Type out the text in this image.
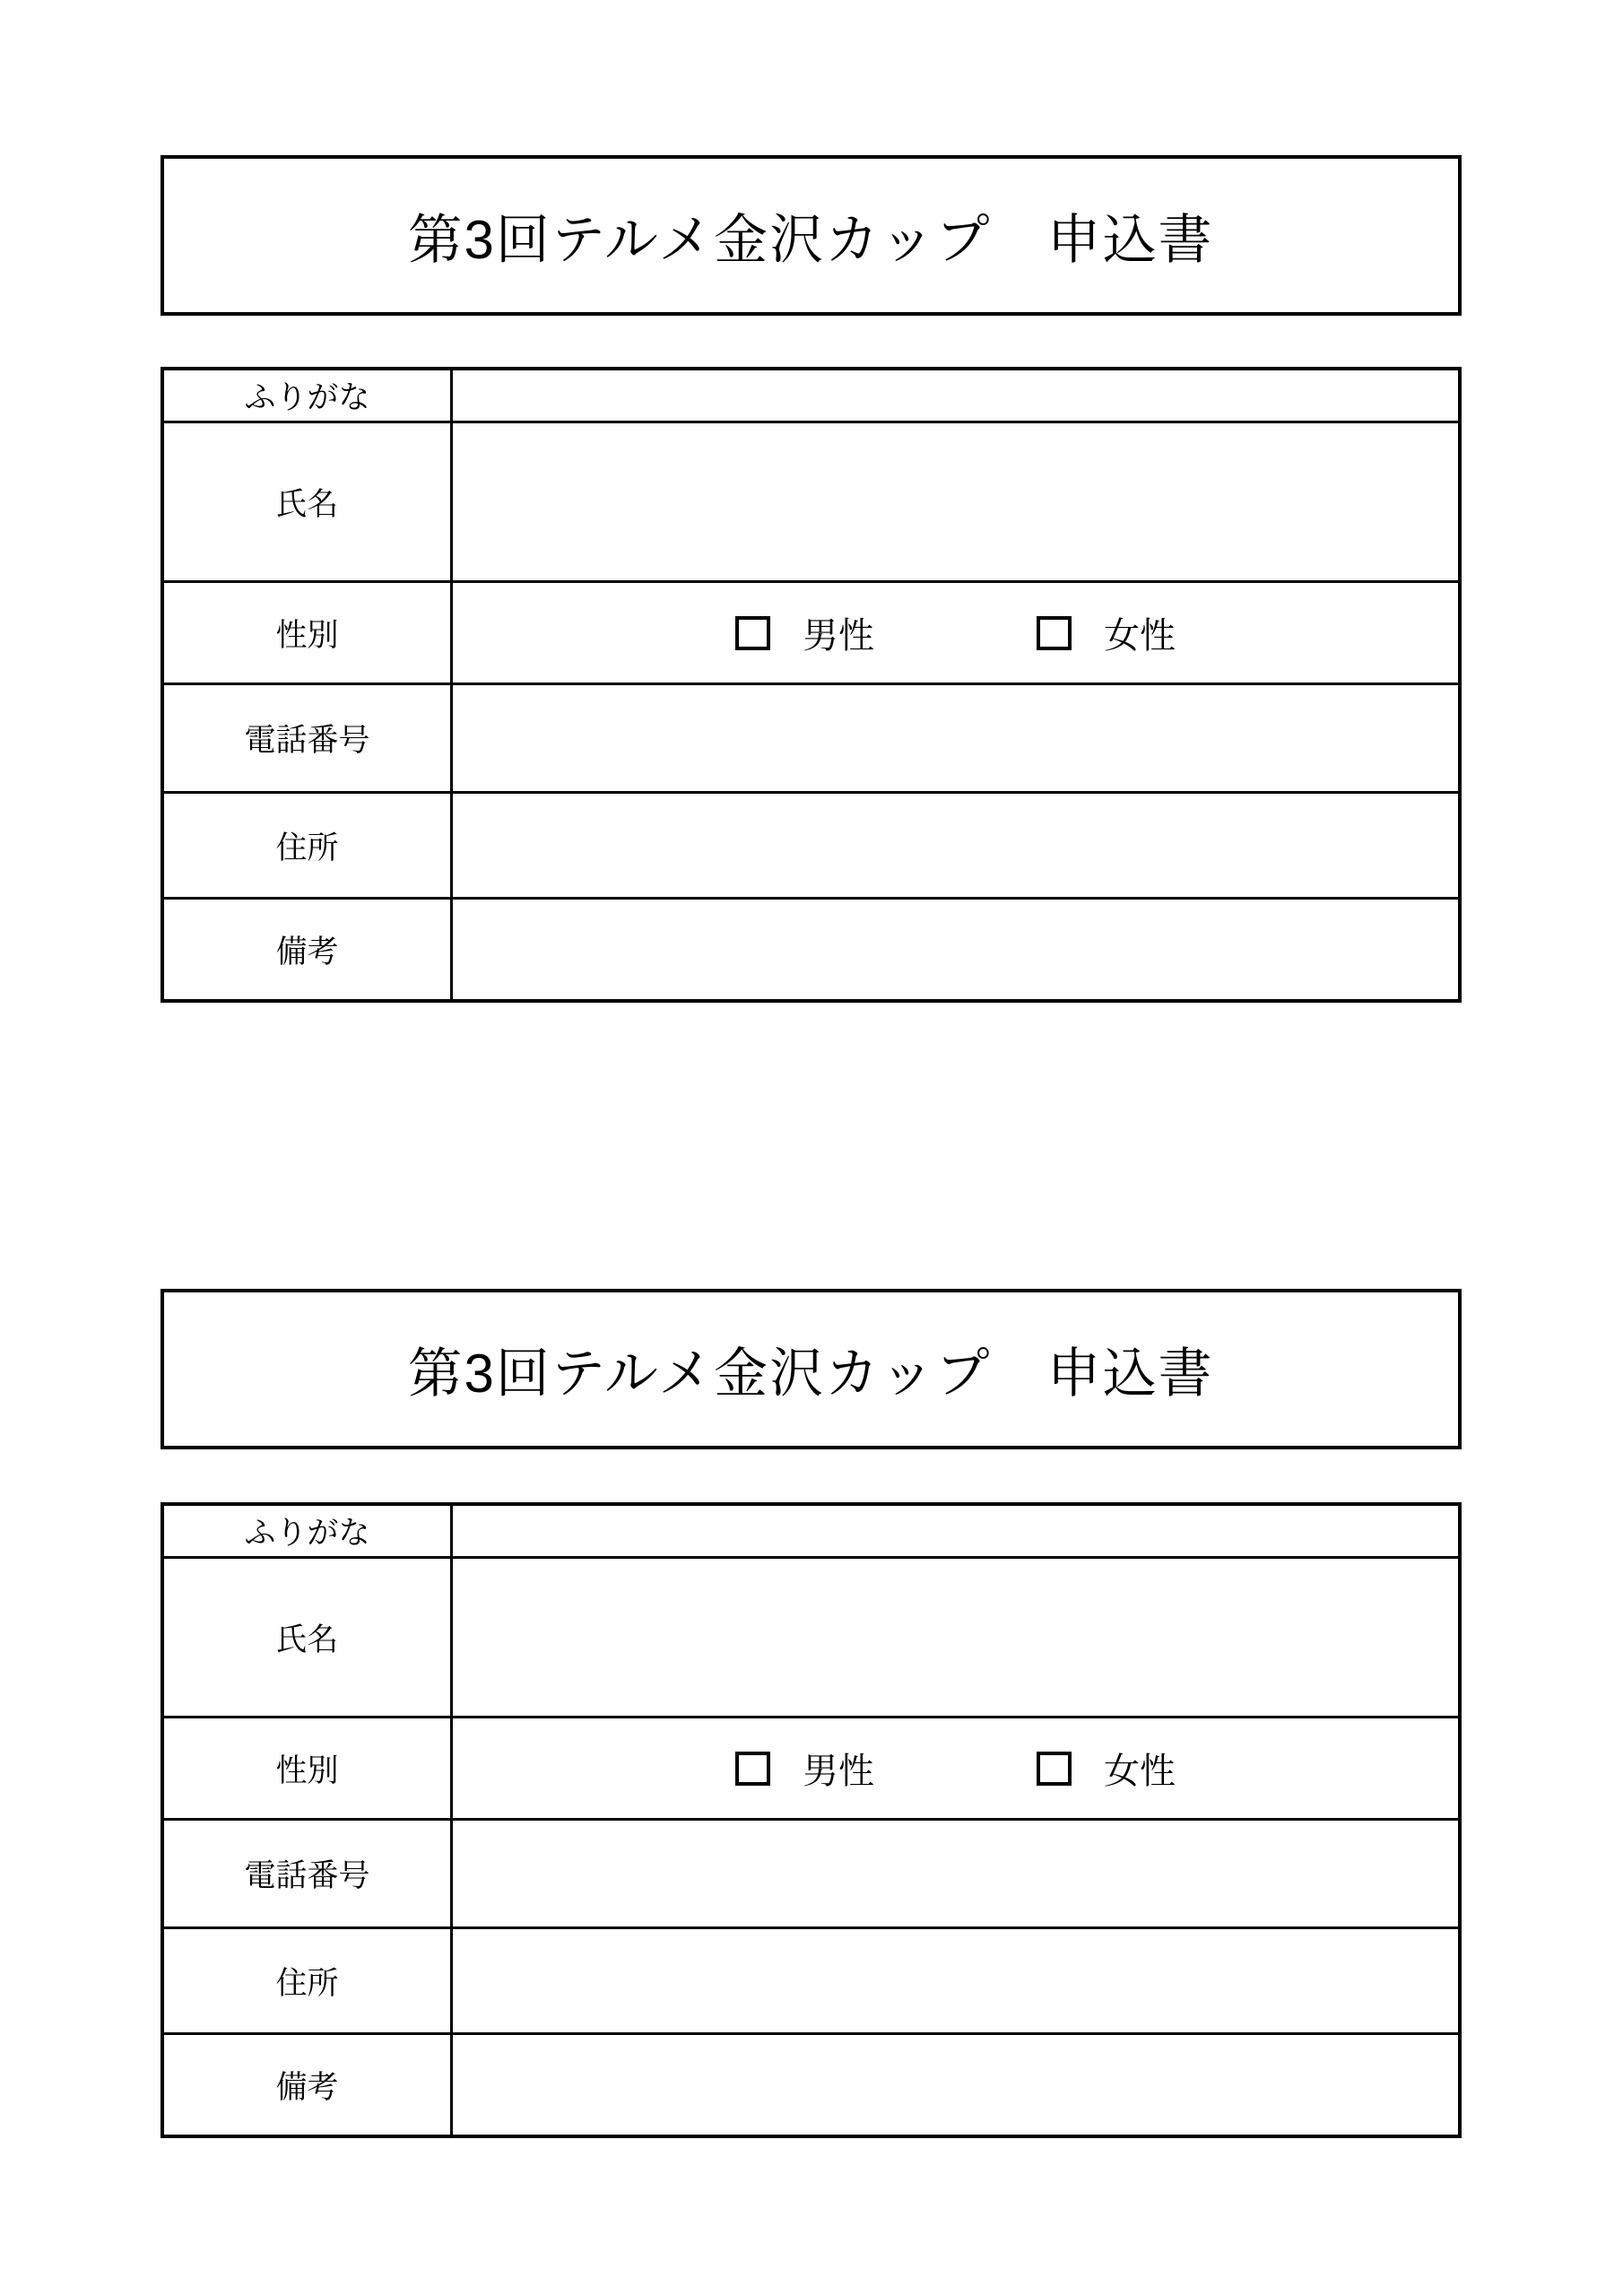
第3回テルメ金沢カップ　申込書
ふりがな
氏名
性別	男性	女性
電話番号
住所
備考
第3回テルメ金沢カップ　申込書
ふりがな
氏名
性別	男性	女性
電話番号
住所
備考
